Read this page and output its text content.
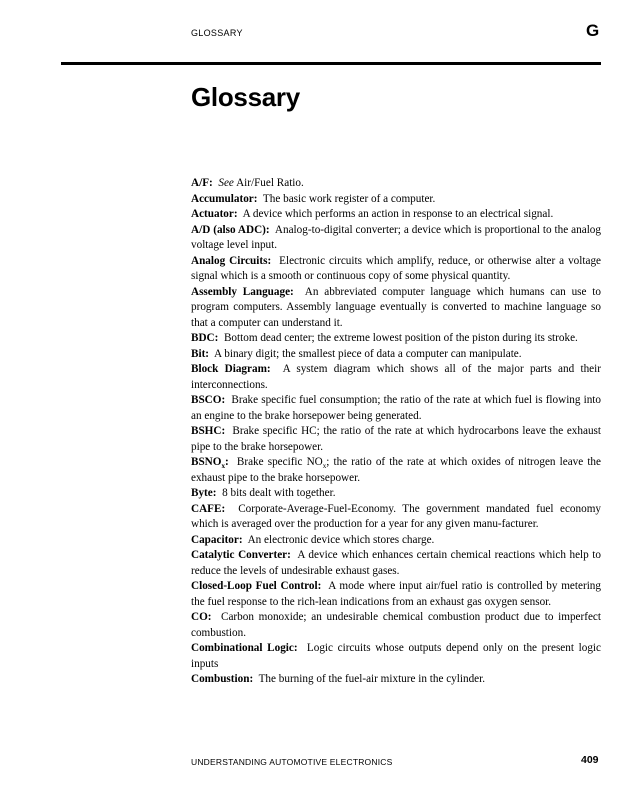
GLOSSARY	G
Glossary

A/F: See Air/Fuel Ratio.

Accumulator: The basic work register of a computer.

Actuator: A device which performs an action in response to an electrical signal.

A/D (also ADC): Analog-to-digital converter; a device which is proportional to the analog voltage level input.

Analog Circuits: Electronic circuits which amplify, reduce, or otherwise alter a voltage signal which is a smooth or continuous copy of some physical quantity.

Assembly Language: An abbreviated computer language which humans can use to program computers. Assembly language eventually is converted to machine language so that a computer can understand it.

BDC: Bottom dead center; the extreme lowest position of the piston during its stroke.

Bit: A binary digit; the smallest piece of data a computer can manipulate.

Block Diagram: A system diagram which shows all of the major parts and their interconnections.

BSCO: Brake specific fuel consumption; the ratio of the rate at which fuel is flowing into an engine to the brake horsepower being generated.

BSHC: Brake specific HC; the ratio of the rate at which hydrocarbons leave the exhaust pipe to the brake horsepower.

$BSNO_x$: Brake specific $NO_x$; the ratio of the rate at which oxides of nitrogen leave the exhaust pipe to the brake horsepower.

Byte: 8 bits dealt with together.

CAFE: Corporate-Average-Fuel-Economy. The government mandated fuel economy which is averaged over the production for a year for any given manu-facturer.

Capacitor: An electronic device which stores charge.

Catalytic Converter: A device which enhances certain chemical reactions which help to reduce the levels of undesirable exhaust gases.

Closed-Loop Fuel Control: A mode where input air/fuel ratio is controlled by metering the fuel response to the rich-lean indications from an exhaust gas oxygen sensor.

CO: Carbon monoxide; an undesirable chemical combustion product due to imperfect combustion.

Combinational Logic: Logic circuits whose outputs depend only on the present logic inputs

Combustion: The burning of the fuel-air mixture in the cylinder.

UNDERSTANDING AUTOMOTIVE ELECTRONICS	409
